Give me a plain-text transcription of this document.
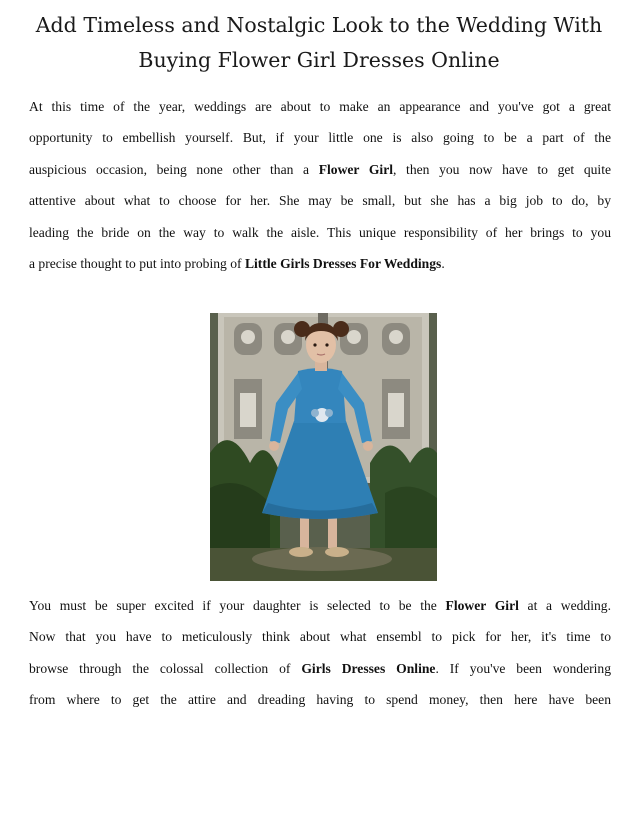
Add Timeless and Nostalgic Look to the Wedding With
Buying Flower Girl Dresses Online

At this time of the year, weddings are about to make an appearance and you've got a great
opportunity to embellish yourself. But, if your little one is also going to be a part of the
auspicious occasion, being none other than a Flower Girl, then you now have to get quite
attentive about what to choose for her. She may be small, but she has a big job to do, by
leading the bride on the way to walk the aisle. This unique responsibility of her brings to you
a precise thought to put into probing of Little Girls Dresses For Weddings.

You must be super excited if your daughter is selected to be the Flower Girl at a wedding.
Now that you have to meticulously think about what ensembl to pick for her, it's time to
browse through the colossal collection of Girls Dresses Online. If you've been wondering
from where to get the attire and dreading having to spend money, then here have been
